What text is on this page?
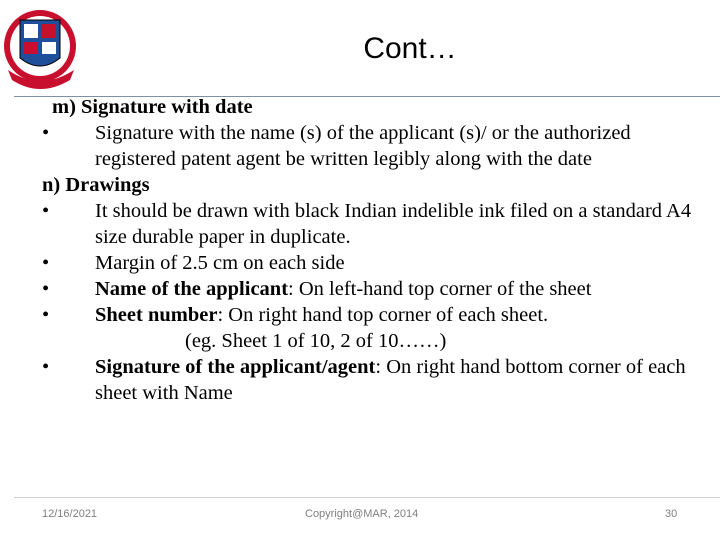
Cont…
m) Signature with date
•	Signature with the name (s) of the applicant (s)/ or the authorized registered patent agent be written legibly along with the date
n) Drawings
•	It should be drawn with black Indian indelible ink filed on a standard A4 size durable paper in duplicate.
•	Margin of 2.5 cm on each side
•	Name of the applicant: On left-hand top corner of the sheet
•	Sheet number: On right hand top corner of each sheet.
(eg. Sheet 1 of 10, 2 of 10……)
•	Signature of the applicant/agent: On right hand bottom corner of each sheet with Name
12/16/2021	Copyright@MAR, 2014	30
